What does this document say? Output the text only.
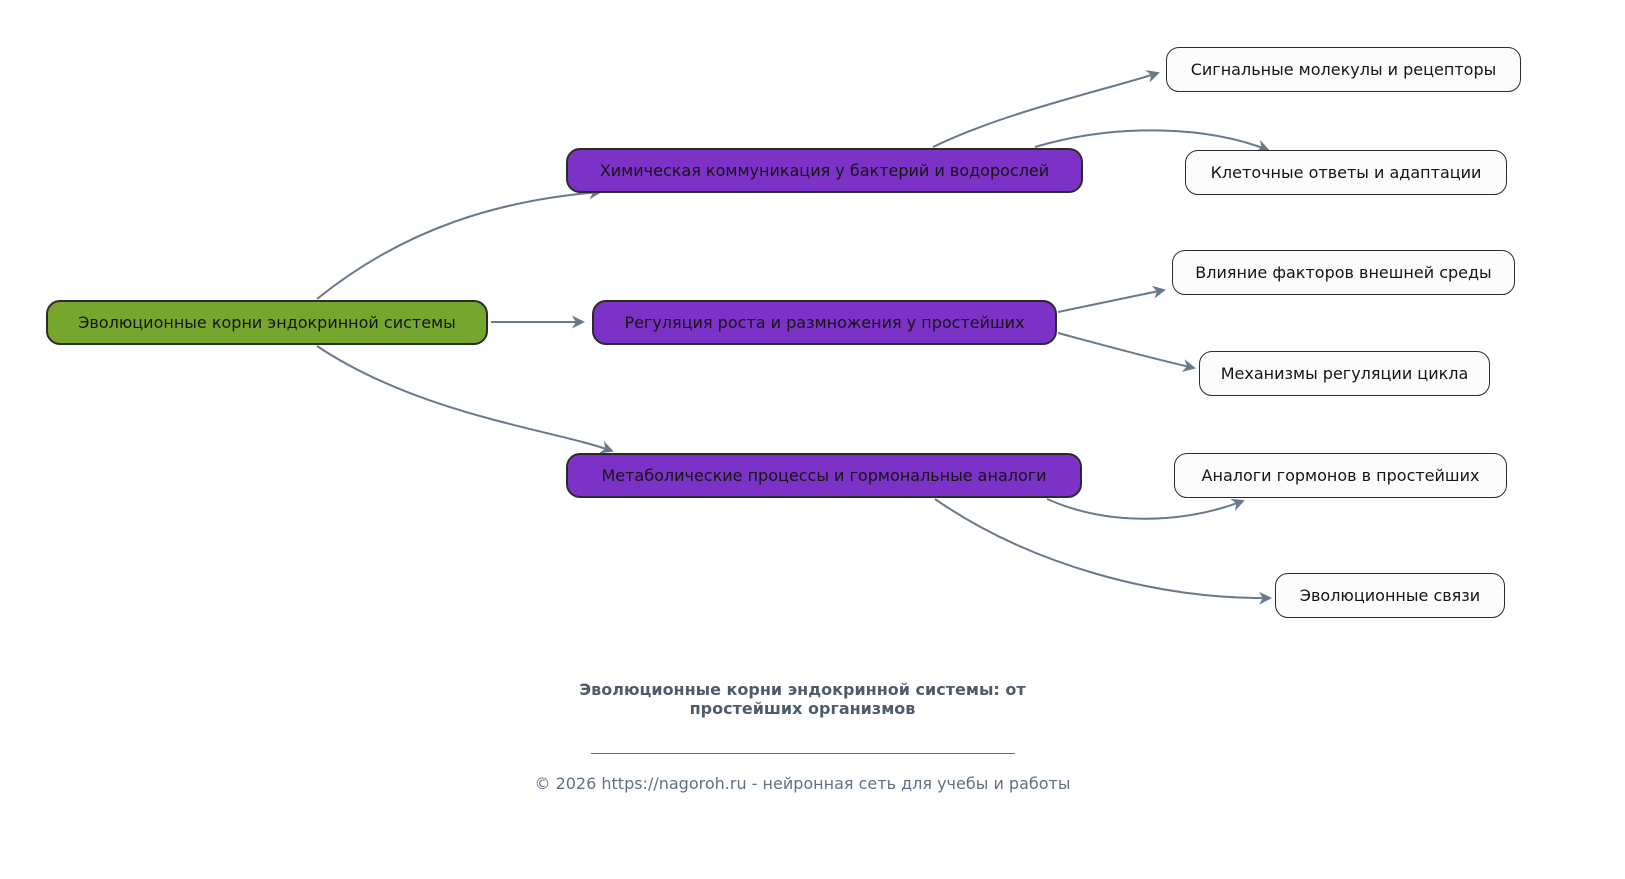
Эволюционные корни эндокринной системы
Химическая коммуникация у бактерий и водорослей
Регуляция роста и размножения у простейших
Метаболические процессы и гормональные аналоги
Сигнальные молекулы и рецепторы
Клеточные ответы и адаптации
Влияние факторов внешней среды
Механизмы регуляции цикла
Аналоги гормонов в простейших
Эволюционные связи
Эволюционные корни эндокринной системы: от простейших организмов
© 2026 https://nagoroh.ru - нейронная сеть для учебы и работы
